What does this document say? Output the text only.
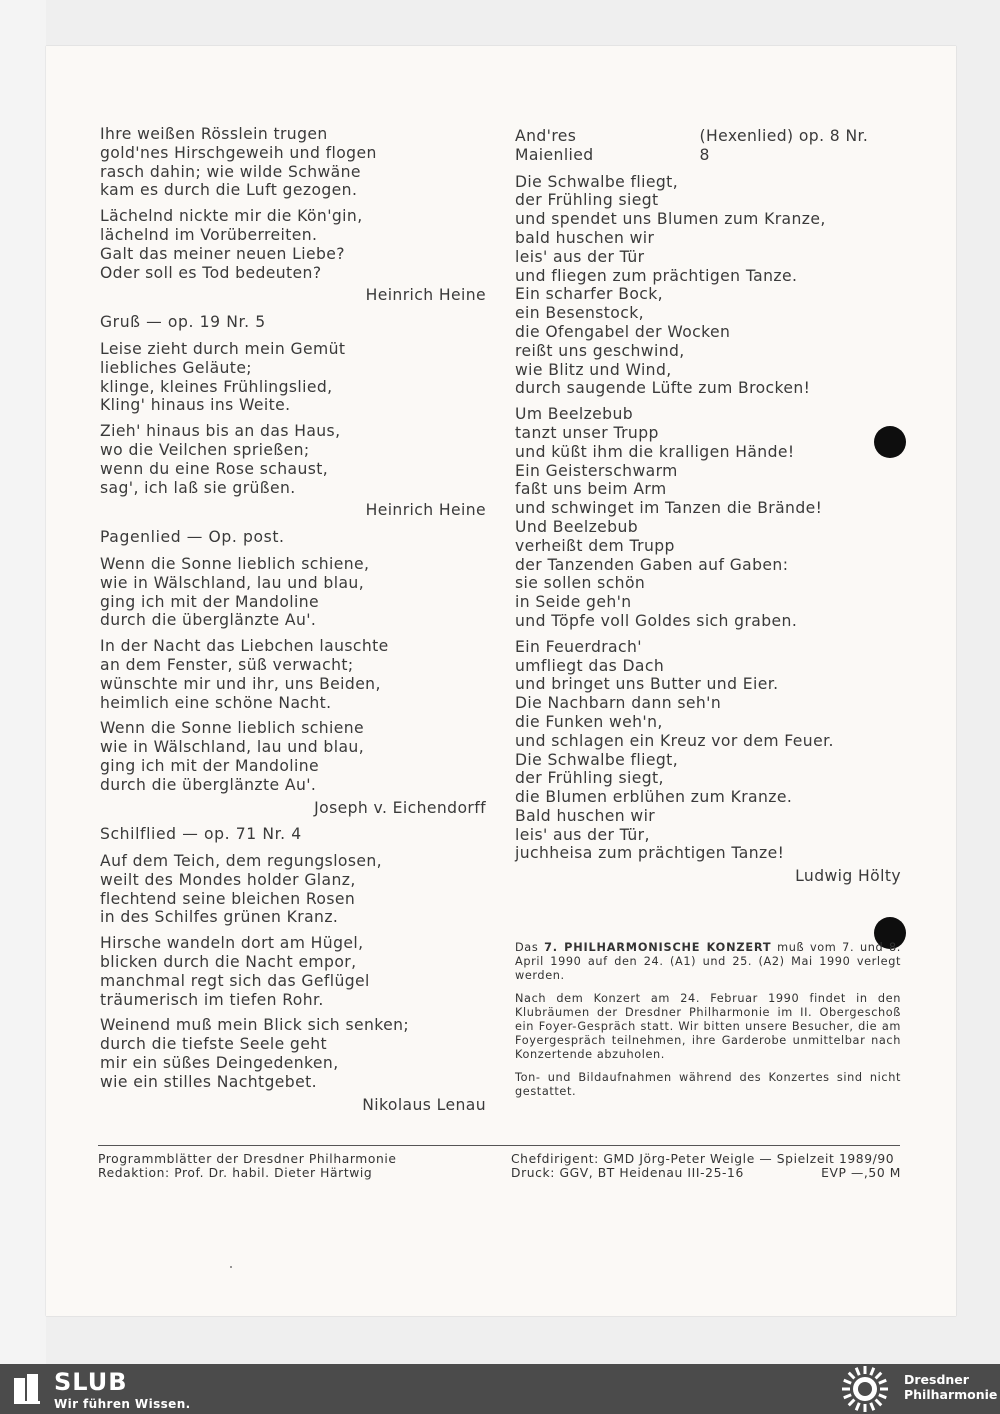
Ihre weißen Rösslein trugen
gold'nes Hirschgeweih und flogen
rasch dahin; wie wilde Schwäne
kam es durch die Luft gezogen.
Lächelnd nickte mir die Kön'gin,
lächelnd im Vorüberreiten.
Galt das meiner neuen Liebe?
Oder soll es Tod bedeuten?
Heinrich Heine
Gruß — op. 19 Nr. 5
Leise zieht durch mein Gemüt
liebliches Geläute;
klinge, kleines Frühlingslied,
Kling' hinaus ins Weite.
Zieh' hinaus bis an das Haus,
wo die Veilchen sprießen;
wenn du eine Rose schaust,
sag', ich laß sie grüßen.
Heinrich Heine
Pagenlied — Op. post.
Wenn die Sonne lieblich schiene,
wie in Wälschland, lau und blau,
ging ich mit der Mandoline
durch die überglänzte Au'.
In der Nacht das Liebchen lauschte
an dem Fenster, süß verwacht;
wünschte mir und ihr, uns Beiden,
heimlich eine schöne Nacht.
Wenn die Sonne lieblich schiene
wie in Wälschland, lau und blau,
ging ich mit der Mandoline
durch die überglänzte Au'.
Joseph v. Eichendorff
Schilflied — op. 71 Nr. 4
Auf dem Teich, dem regungslosen,
weilt des Mondes holder Glanz,
flechtend seine bleichen Rosen
in des Schilfes grünen Kranz.
Hirsche wandeln dort am Hügel,
blicken durch die Nacht empor,
manchmal regt sich das Geflügel
träumerisch im tiefen Rohr.
Weinend muß mein Blick sich senken;
durch die tiefste Seele geht
mir ein süßes Deingedenken,
wie ein stilles Nachtgebet.
Nikolaus Lenau
And'res Maienlied
(Hexenlied) op. 8 Nr. 8
Die Schwalbe fliegt,
der Frühling siegt
und spendet uns Blumen zum Kranze,
bald huschen wir
leis' aus der Tür
und fliegen zum prächtigen Tanze.
Ein scharfer Bock,
ein Besenstock,
die Ofengabel der Wocken
reißt uns geschwind,
wie Blitz und Wind,
durch saugende Lüfte zum Brocken!
Um Beelzebub
tanzt unser Trupp
und küßt ihm die kralligen Hände!
Ein Geisterschwarm
faßt uns beim Arm
und schwinget im Tanzen die Brände!
Und Beelzebub
verheißt dem Trupp
der Tanzenden Gaben auf Gaben:
sie sollen schön
in Seide geh'n
und Töpfe voll Goldes sich graben.
Ein Feuerdrach'
umfliegt das Dach
und bringet uns Butter und Eier.
Die Nachbarn dann seh'n
die Funken weh'n,
und schlagen ein Kreuz vor dem Feuer.
Die Schwalbe fliegt,
der Frühling siegt,
die Blumen erblühen zum Kranze.
Bald huschen wir
leis' aus der Tür,
juchheisa zum prächtigen Tanze!
Ludwig Hölty

Das 7. PHILHARMONISCHE KONZERT muß vom 7. und 8. April 1990 auf den 24. (A1) und 25. (A2) Mai 1990 verlegt werden.

Nach dem Konzert am 24. Februar 1990 findet in den Klubräumen der Dresdner Philharmonie im II. Obergeschoß ein Foyer-Gespräch statt. Wir bitten unsere Besucher, die am Foyergespräch teilnehmen, ihre Garderobe unmittelbar nach Konzertende abzuholen.

Ton- und Bildaufnahmen während des Konzertes sind nicht gestattet.

Programmblätter der Dresdner Philharmonie
Redaktion: Prof. Dr. habil. Dieter Härtwig
Chefdirigent: GMD Jörg-Peter Weigle — Spielzeit 1989/90
Druck: GGV, BT Heidenau III-25-16	EVP —,50 M
SLUB
Wir führen Wissen.
Dresdner
Philharmonie
